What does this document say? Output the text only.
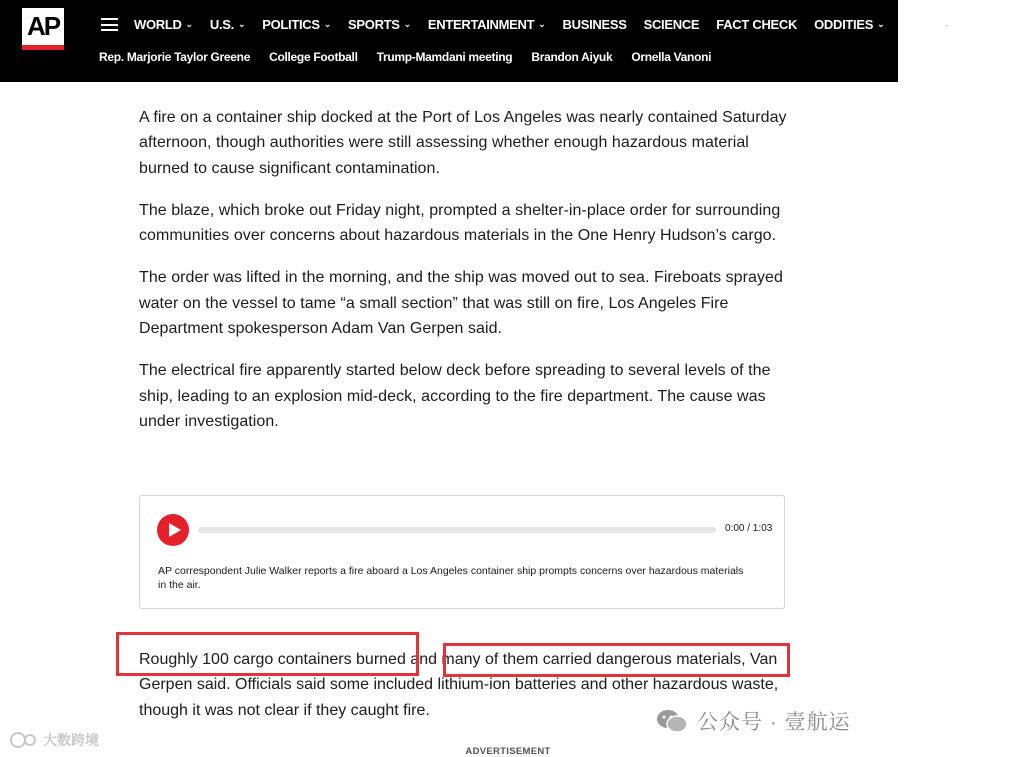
AP	WORLD ⌄ U.S. ⌄ POLITICS ⌄ SPORTS ⌄ ENTERTAINMENT ⌄ BUSINESS SCIENCE FACT CHECK ODDITIES ⌄ MORE ⌄
Rep. Marjorie Taylor Greene College Football Trump-Mamdani meeting Brandon Aiyuk Ornella Vanoni

A fire on a container ship docked at the Port of Los Angeles was nearly contained Saturday afternoon, though authorities were still assessing whether enough hazardous material burned to cause significant contamination.

The blaze, which broke out Friday night, prompted a shelter-in-place order for surrounding communities over concerns about hazardous materials in the One Henry Hudson’s cargo.

The order was lifted in the morning, and the ship was moved out to sea. Fireboats sprayed water on the vessel to tame “a small section” that was still on fire, Los Angeles Fire Department spokesperson Adam Van Gerpen said.

The electrical fire apparently started below deck before spreading to several levels of the ship, leading to an explosion mid-deck, according to the fire department. The cause was under investigation.

0:00 / 1:03
AP correspondent Julie Walker reports a fire aboard a Los Angeles container ship prompts concerns over hazardous materials in the air.

Roughly 100 cargo containers burned and many of them carried dangerous materials, Van Gerpen said. Officials said some included lithium-ion batteries and other hazardous waste, though it was not clear if they caught fire.

ADVERTISEMENT
大数跨境
公众号 · 壹航运
